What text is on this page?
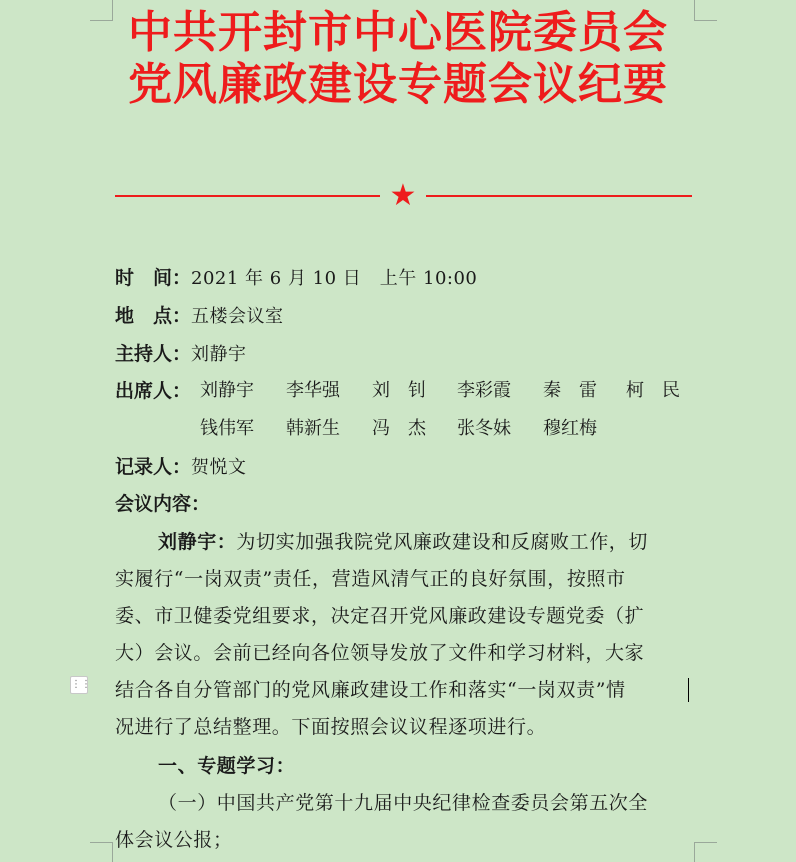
中共开封市中心医院委员会
党风廉政建设专题会议纪要
★
时　间：2021 年 6 月 10 日　上午 10:00
地　点：五楼会议室
主持人：刘静宇
出席人： 刘静宇 李华强 刘　钊 李彩霞 秦　雷 柯　民
钱伟军 韩新生 冯　杰 张冬妹 穆红梅
记录人：贺悦文
会议内容：
刘静宇：为切实加强我院党风廉政建设和反腐败工作，切
实履行“一岗双责”责任，营造风清气正的良好氛围，按照市
委、市卫健委党组要求，决定召开党风廉政建设专题党委（扩
大）会议。会前已经向各位领导发放了文件和学习材料，大家
结合各自分管部门的党风廉政建设工作和落实“一岗双责”情
况进行了总结整理。下面按照会议议程逐项进行。
⋮⋮
一、专题学习：
（一）中国共产党第十九届中央纪律检查委员会第五次全
体会议公报；
